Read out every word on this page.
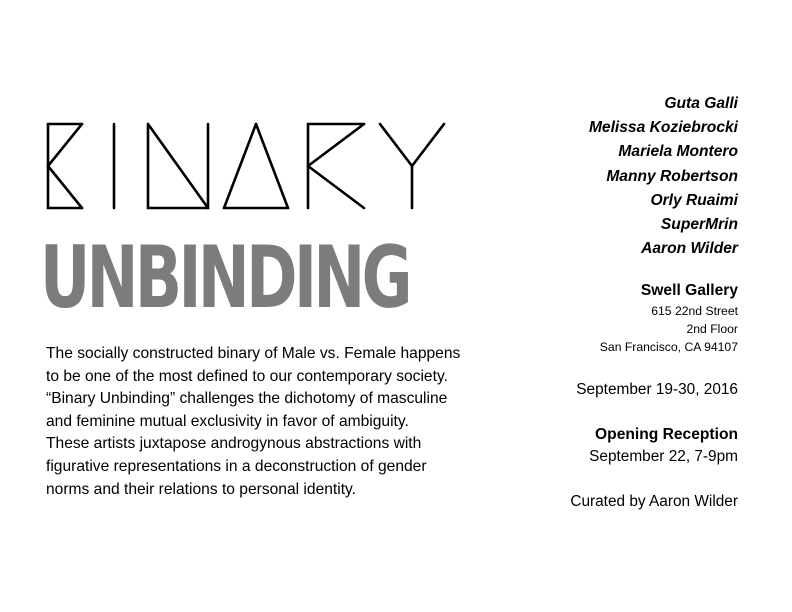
UNBINDING

The socially constructed binary of Male vs. Female happens

to be one of the most defined to our contemporary society.

“Binary Unbinding” challenges the dichotomy of masculine

and feminine mutual exclusivity in favor of ambiguity.

These artists juxtapose androgynous abstractions with

figurative representations in a deconstruction of gender

norms and their relations to personal identity.

Guta Galli
Melissa Koziebrocki
Mariela Montero
Manny Robertson
Orly Ruaimi
SuperMrin
Aaron Wilder
Swell Gallery
615 22nd Street
2nd Floor
San Francisco, CA 94107
September 19-30, 2016
Opening Reception
September 22, 7-9pm
Curated by Aaron Wilder
